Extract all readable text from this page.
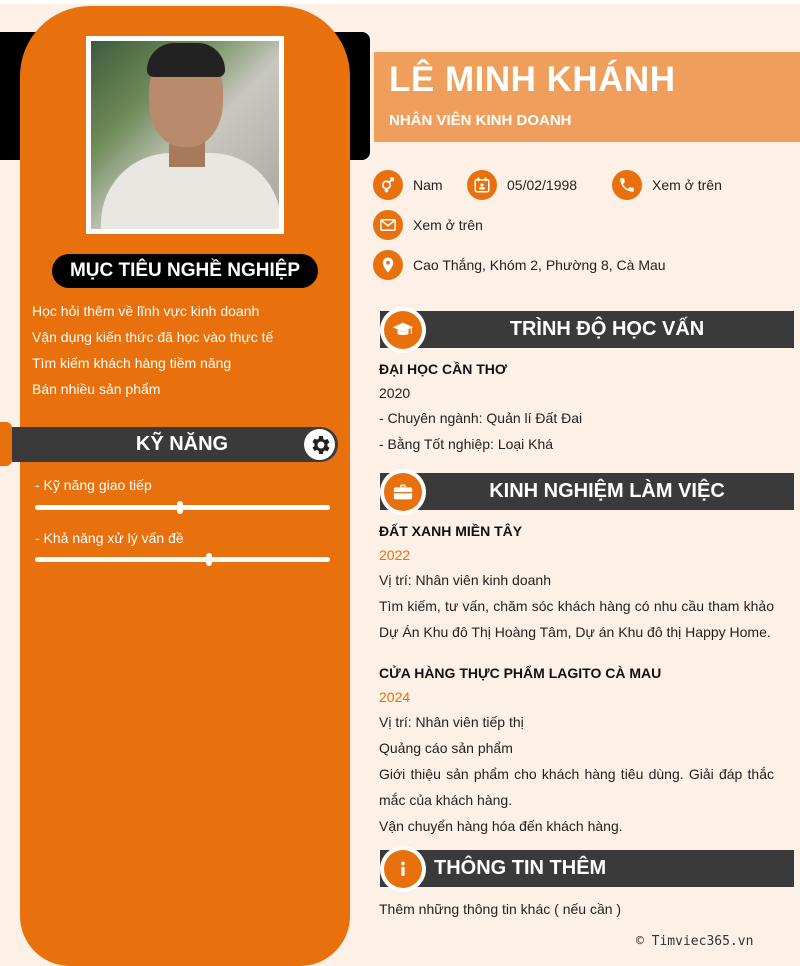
MỤC TIÊU NGHỀ NGHIỆP
Học hỏi thêm về lĩnh vực kinh doanh
Vận dụng kiến thức đã học vào thực tế
Tìm kiếm khách hàng tiềm năng
Bán nhiều sản phẩm
KỸ NĂNG
- Kỹ năng giao tiếp
- Khả năng xử lý vấn đề
LÊ MINH KHÁNH
NHÂN VIÊN KINH DOANH
Nam	05/02/1998	Xem ở trên
Xem ở trên
Cao Thắng, Khóm 2, Phường 8, Cà Mau
TRÌNH ĐỘ HỌC VẤN
ĐẠI HỌC CẦN THƠ
2020
- Chuyên ngành: Quản lí Đất Đai
- Bằng Tốt nghiệp: Loại Khá
KINH NGHIỆM LÀM VIỆC
ĐẤT XANH MIỀN TÂY
2022
Vị trí: Nhân viên kinh doanh
Tìm kiếm, tư vấn, chăm sóc khách hàng có nhu cầu tham khảo Dự Án Khu đô Thị Hoàng Tâm, Dự án Khu đô thị Happy Home.
CỬA HÀNG THỰC PHẨM LAGITO CÀ MAU
2024
Vị trí: Nhân viên tiếp thị
Quảng cáo sản phẩm
Giới thiệu sản phẩm cho khách hàng tiêu dùng. Giải đáp thắc mắc của khách hàng.
Vận chuyển hàng hóa đến khách hàng.
THÔNG TIN THÊM
Thêm những thông tin khác ( nếu cần )
© Timviec365.vn
